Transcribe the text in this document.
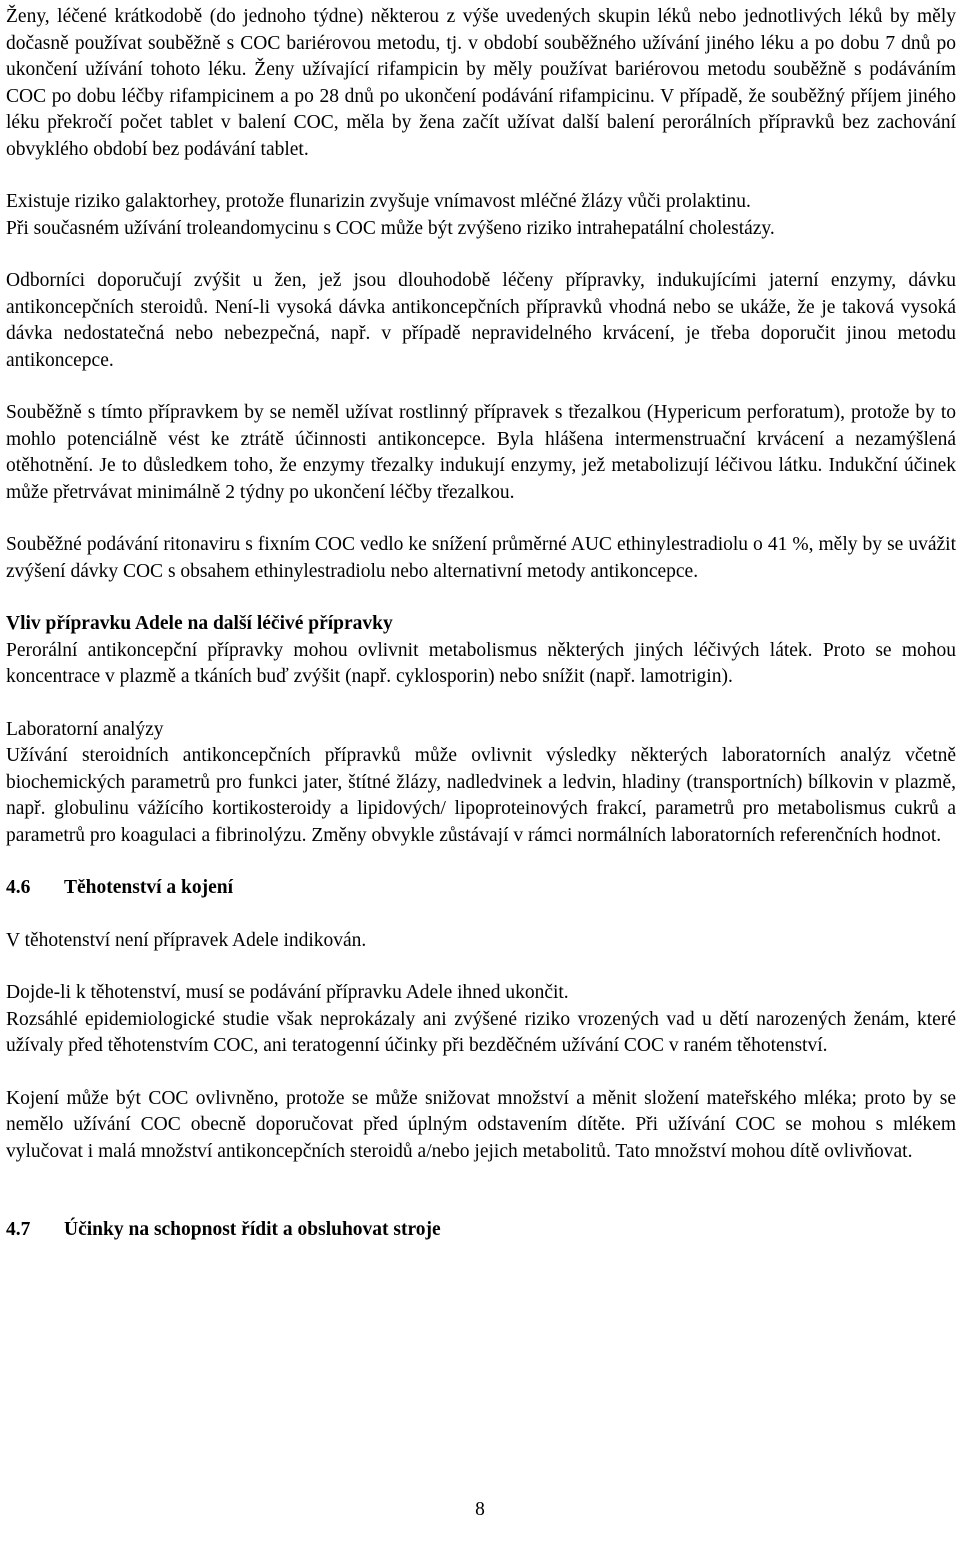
Ženy, léčené krátkodobě (do jednoho týdne) některou z výše uvedených skupin léků nebo jednotlivých léků by měly dočasně používat souběžně s COC bariérovou metodu, tj. v období souběžného užívání jiného léku a po dobu 7 dnů po ukončení užívání tohoto léku. Ženy užívající rifampicin by měly používat bariérovou metodu souběžně s podáváním COC po dobu léčby rifampicinem a po 28 dnů po ukončení podávání rifampicinu. V případě, že souběžný příjem jiného léku překročí počet tablet v balení COC, měla by žena začít užívat další balení perorálních přípravků bez zachování obvyklého období bez podávání tablet.

Existuje riziko galaktorhey, protože flunarizin zvyšuje vnímavost mléčné žlázy vůči prolaktinu.

Při současném užívání troleandomycinu s COC může být zvýšeno riziko intrahepatální cholestázy.

Odborníci doporučují zvýšit u žen, jež jsou dlouhodobě léčeny přípravky, indukujícími jaterní enzymy, dávku antikoncepčních steroidů. Není-li vysoká dávka antikoncepčních přípravků vhodná nebo se ukáže, že je taková vysoká dávka nedostatečná nebo nebezpečná, např. v případě nepravidelného krvácení, je třeba doporučit jinou metodu antikoncepce.

Souběžně s tímto přípravkem by se neměl užívat rostlinný přípravek s třezalkou (Hypericum perforatum), protože by to mohlo potenciálně vést ke ztrátě účinnosti antikoncepce. Byla hlášena intermenstruační krvácení a nezamýšlená otěhotnění. Je to důsledkem toho, že enzymy třezalky indukují enzymy, jež metabolizují léčivou látku. Indukční účinek může přetrvávat minimálně 2 týdny po ukončení léčby třezalkou.

Souběžné podávání ritonaviru s fixním COC vedlo ke snížení průměrné AUC ethinylestradiolu o 41 %, měly by se uvážit zvýšení dávky COC s obsahem ethinylestradiolu nebo alternativní metody antikoncepce.

Vliv přípravku Adele na další léčivé přípravky

Perorální antikoncepční přípravky mohou ovlivnit metabolismus některých jiných léčivých látek. Proto se mohou koncentrace v plazmě a tkáních buď zvýšit (např. cyklosporin) nebo snížit (např. lamotrigin).

Laboratorní analýzy

Užívání steroidních antikoncepčních přípravků může ovlivnit výsledky některých laboratorních analýz včetně biochemických parametrů pro funkci jater, štítné žlázy, nadledvinek a ledvin, hladiny (transportních) bílkovin v plazmě, např. globulinu vážícího kortikosteroidy a lipidových/ lipoproteinových frakcí, parametrů pro metabolismus cukrů a parametrů pro koagulaci a fibrinolýzu. Změny obvykle zůstávají v rámci normálních laboratorních referenčních hodnot.

4.6	Těhotenství a kojení

V těhotenství není přípravek Adele indikován.

Dojde-li k těhotenství, musí se podávání přípravku Adele ihned ukončit.

Rozsáhlé epidemiologické studie však neprokázaly ani zvýšené riziko vrozených vad u dětí narozených ženám, které užívaly před těhotenstvím COC, ani teratogenní účinky při bezděčném užívání COC v raném těhotenství.

Kojení může být COC ovlivněno, protože se může snižovat množství a měnit složení mateřského mléka; proto by se nemělo užívání COC obecně doporučovat před úplným odstavením dítěte. Při užívání COC se mohou s mlékem vylučovat i malá množství antikoncepčních steroidů a/nebo jejich metabolitů. Tato množství mohou dítě ovlivňovat.

4.7	Účinky na schopnost řídit a obsluhovat stroje
8
